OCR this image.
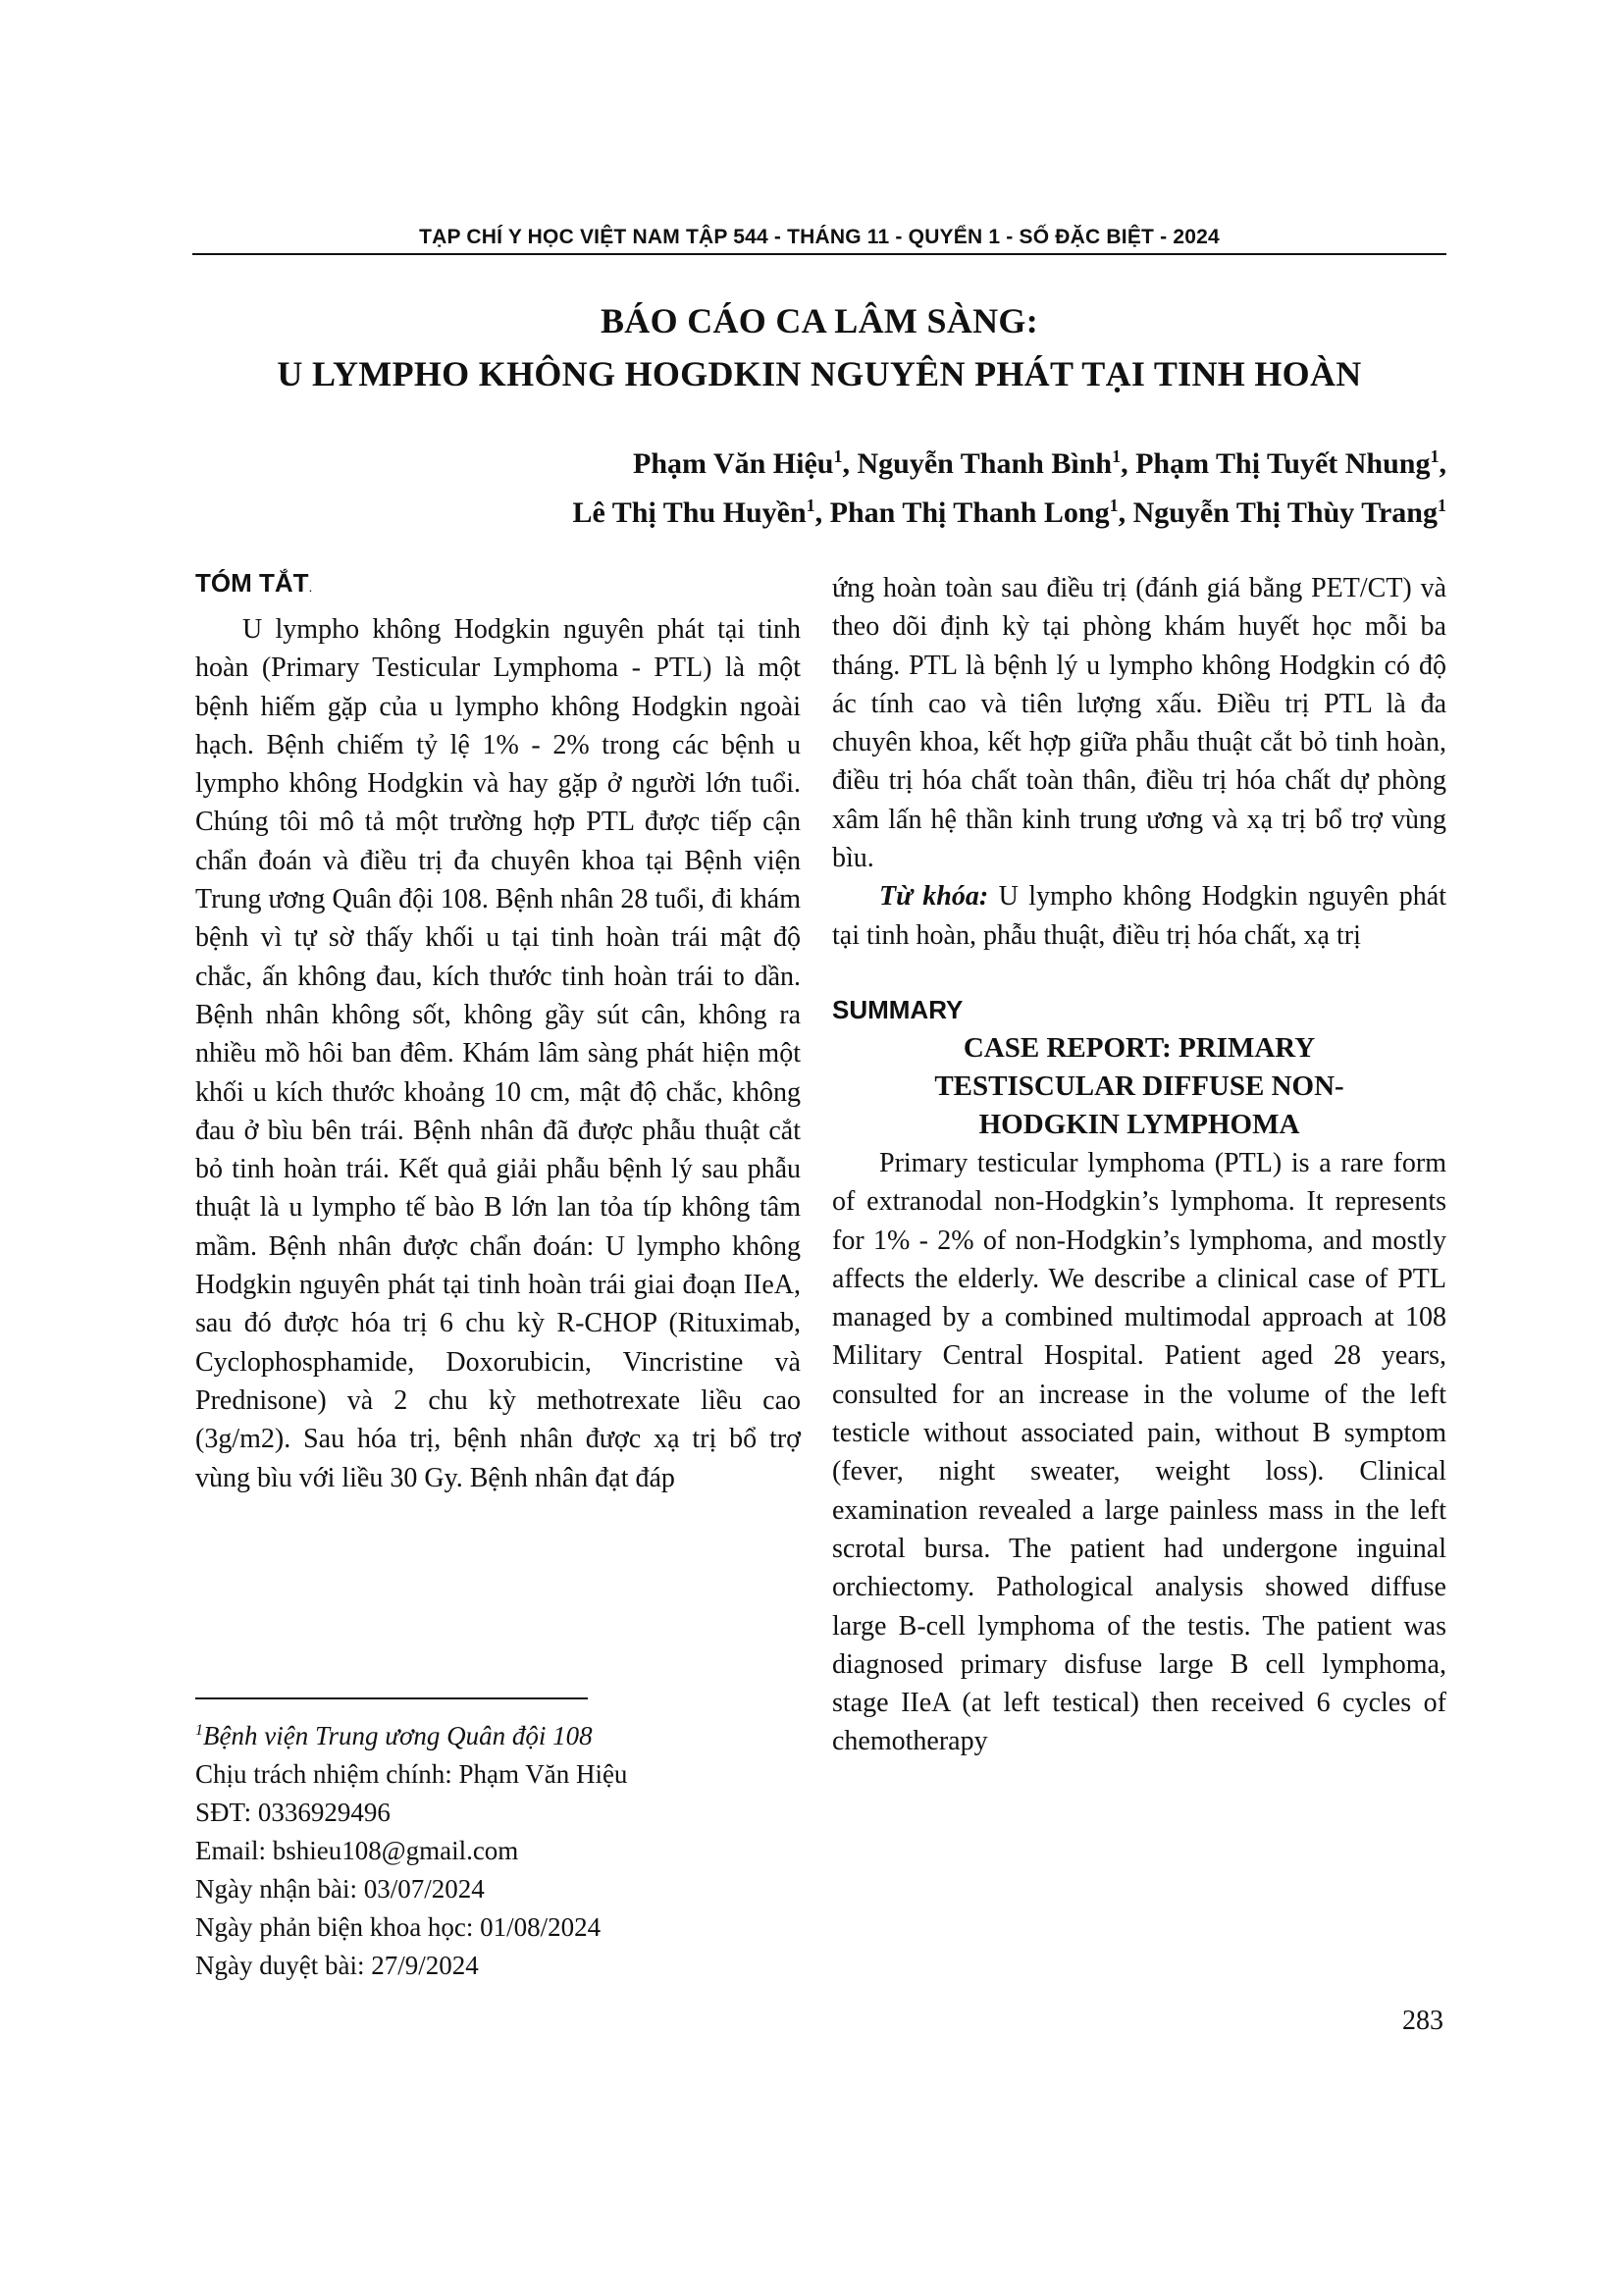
TẠP CHÍ Y HỌC VIỆT NAM TẬP 544 - THÁNG 11 - QUYỂN 1 - SỐ ĐẶC BIỆT - 2024
BÁO CÁO CA LÂM SÀNG:
U LYMPHO KHÔNG HOGDKIN NGUYÊN PHÁT TẠI TINH HOÀN
Phạm Văn Hiệu$^1$, Nguyễn Thanh Bình$^1$, Phạm Thị Tuyết Nhung$^1$,
Lê Thị Thu Huyền$^1$, Phan Thị Thanh Long$^1$, Nguyễn Thị Thùy Trang$^1$
TÓM TẮT.

U lympho không Hodgkin nguyên phát tại tinh hoàn (Primary Testicular Lymphoma - PTL) là một bệnh hiếm gặp của u lympho không Hodgkin ngoài hạch. Bệnh chiếm tỷ lệ 1% - 2% trong các bệnh u lympho không Hodgkin và hay gặp ở người lớn tuổi. Chúng tôi mô tả một trường hợp PTL được tiếp cận chẩn đoán và điều trị đa chuyên khoa tại Bệnh viện Trung ương Quân đội 108. Bệnh nhân 28 tuổi, đi khám bệnh vì tự sờ thấy khối u tại tinh hoàn trái mật độ chắc, ấn không đau, kích thước tinh hoàn trái to dần. Bệnh nhân không sốt, không gầy sút cân, không ra nhiều mồ hôi ban đêm. Khám lâm sàng phát hiện một khối u kích thước khoảng 10 cm, mật độ chắc, không đau ở bìu bên trái. Bệnh nhân đã được phẫu thuật cắt bỏ tinh hoàn trái. Kết quả giải phẫu bệnh lý sau phẫu thuật là u lympho tế bào B lớn lan tỏa típ không tâm mầm. Bệnh nhân được chẩn đoán: U lympho không Hodgkin nguyên phát tại tinh hoàn trái giai đoạn IIeA, sau đó được hóa trị 6 chu kỳ R-CHOP (Rituximab, Cyclophosphamide, Doxorubicin, Vincristine và Prednisone) và 2 chu kỳ methotrexate liều cao (3g/m2). Sau hóa trị, bệnh nhân được xạ trị bổ trợ vùng bìu với liều 30 Gy. Bệnh nhân đạt đáp

ứng hoàn toàn sau điều trị (đánh giá bằng PET/CT) và theo dõi định kỳ tại phòng khám huyết học mỗi ba tháng. PTL là bệnh lý u lympho không Hodgkin có độ ác tính cao và tiên lượng xấu. Điều trị PTL là đa chuyên khoa, kết hợp giữa phẫu thuật cắt bỏ tinh hoàn, điều trị hóa chất toàn thân, điều trị hóa chất dự phòng xâm lấn hệ thần kinh trung ương và xạ trị bổ trợ vùng bìu.

Từ khóa: U lympho không Hodgkin nguyên phát tại tinh hoàn, phẫu thuật, điều trị hóa chất, xạ trị

SUMMARY
CASE REPORT: PRIMARY
TESTISCULAR DIFFUSE NON-
HODGKIN LYMPHOMA

Primary testicular lymphoma (PTL) is a rare form of extranodal non-Hodgkin’s lymphoma. It represents for 1% - 2% of non-Hodgkin’s lymphoma, and mostly affects the elderly. We describe a clinical case of PTL managed by a combined multimodal approach at 108 Military Central Hospital. Patient aged 28 years, consulted for an increase in the volume of the left testicle without associated pain, without B symptom (fever, night sweater, weight loss). Clinical examination revealed a large painless mass in the left scrotal bursa. The patient had undergone inguinal orchiectomy. Pathological analysis showed diffuse large B-cell lymphoma of the testis. The patient was diagnosed primary disfuse large B cell lymphoma, stage IIeA (at left testical) then received 6 cycles of chemotherapy

$^1$Bệnh viện Trung ương Quân đội 108
Chịu trách nhiệm chính: Phạm Văn Hiệu
SĐT: 0336929496
Email: bshieu108@gmail.com
Ngày nhận bài: 03/07/2024
Ngày phản biện khoa học: 01/08/2024
Ngày duyệt bài: 27/9/2024
283
